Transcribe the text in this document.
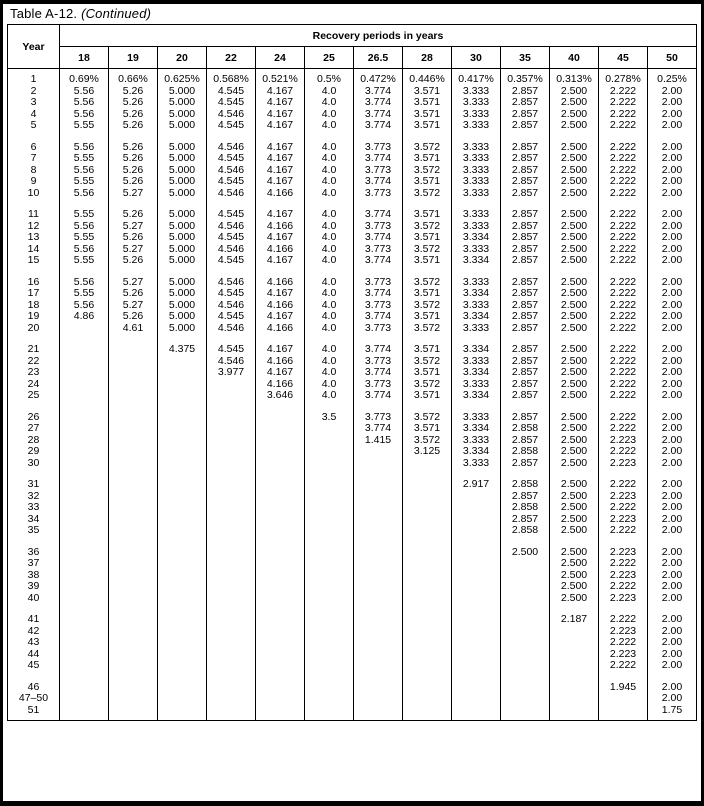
Table A-12. (Continued)
Year	Recovery periods in years												
	18	19	20	22	24	25	26.5	28	30	35	40	45	50
1	0.69%	0.66%	0.625%	0.568%	0.521%	0.5%	0.472%	0.446%	0.417%	0.357%	0.313%	0.278%	0.25%
2	5.56	5.26	5.000	4.545	4.167	4.0	3.774	3.571	3.333	2.857	2.500	2.222	2.00
3	5.56	5.26	5.000	4.545	4.167	4.0	3.774	3.571	3.333	2.857	2.500	2.222	2.00
4	5.56	5.26	5.000	4.546	4.167	4.0	3.774	3.571	3.333	2.857	2.500	2.222	2.00
5	5.55	5.26	5.000	4.545	4.167	4.0	3.774	3.571	3.333	2.857	2.500	2.222	2.00

6	5.56	5.26	5.000	4.546	4.167	4.0	3.773	3.572	3.333	2.857	2.500	2.222	2.00
7	5.55	5.26	5.000	4.545	4.167	4.0	3.774	3.571	3.333	2.857	2.500	2.222	2.00
8	5.56	5.26	5.000	4.546	4.167	4.0	3.773	3.572	3.333	2.857	2.500	2.222	2.00
9	5.55	5.26	5.000	4.545	4.167	4.0	3.774	3.571	3.333	2.857	2.500	2.222	2.00
10	5.56	5.27	5.000	4.546	4.166	4.0	3.773	3.572	3.333	2.857	2.500	2.222	2.00

11	5.55	5.26	5.000	4.545	4.167	4.0	3.774	3.571	3.333	2.857	2.500	2.222	2.00
12	5.56	5.27	5.000	4.546	4.166	4.0	3.773	3.572	3.333	2.857	2.500	2.222	2.00
13	5.55	5.26	5.000	4.545	4.167	4.0	3.774	3.571	3.334	2.857	2.500	2.222	2.00
14	5.56	5.27	5.000	4.546	4.166	4.0	3.773	3.572	3.333	2.857	2.500	2.222	2.00
15	5.55	5.26	5.000	4.545	4.167	4.0	3.774	3.571	3.334	2.857	2.500	2.222	2.00

16	5.56	5.27	5.000	4.546	4.166	4.0	3.773	3.572	3.333	2.857	2.500	2.222	2.00
17	5.55	5.26	5.000	4.545	4.167	4.0	3.774	3.571	3.334	2.857	2.500	2.222	2.00
18	5.56	5.27	5.000	4.546	4.166	4.0	3.773	3.572	3.333	2.857	2.500	2.222	2.00
19	4.86	5.26	5.000	4.545	4.167	4.0	3.774	3.571	3.334	2.857	2.500	2.222	2.00
20		4.61	5.000	4.546	4.166	4.0	3.773	3.572	3.333	2.857	2.500	2.222	2.00

21			4.375	4.545	4.167	4.0	3.774	3.571	3.334	2.857	2.500	2.222	2.00
22				4.546	4.166	4.0	3.773	3.572	3.333	2.857	2.500	2.222	2.00
23				3.977	4.167	4.0	3.774	3.571	3.334	2.857	2.500	2.222	2.00
24					4.166	4.0	3.773	3.572	3.333	2.857	2.500	2.222	2.00
25					3.646	4.0	3.774	3.571	3.334	2.857	2.500	2.222	2.00

26						3.5	3.773	3.572	3.333	2.857	2.500	2.222	2.00
27							3.774	3.571	3.334	2.858	2.500	2.222	2.00
28							1.415	3.572	3.333	2.857	2.500	2.223	2.00
29								3.125	3.334	2.858	2.500	2.222	2.00
30									3.333	2.857	2.500	2.223	2.00

31									2.917	2.858	2.500	2.222	2.00
32										2.857	2.500	2.223	2.00
33										2.858	2.500	2.222	2.00
34										2.857	2.500	2.223	2.00
35										2.858	2.500	2.222	2.00

36										2.500	2.500	2.223	2.00
37											2.500	2.222	2.00
38											2.500	2.223	2.00
39											2.500	2.222	2.00
40											2.500	2.223	2.00

41											2.187	2.222	2.00
42												2.223	2.00
43												2.222	2.00
44												2.223	2.00
45												2.222	2.00

46												1.945	2.00
47–50													2.00
51													1.75
